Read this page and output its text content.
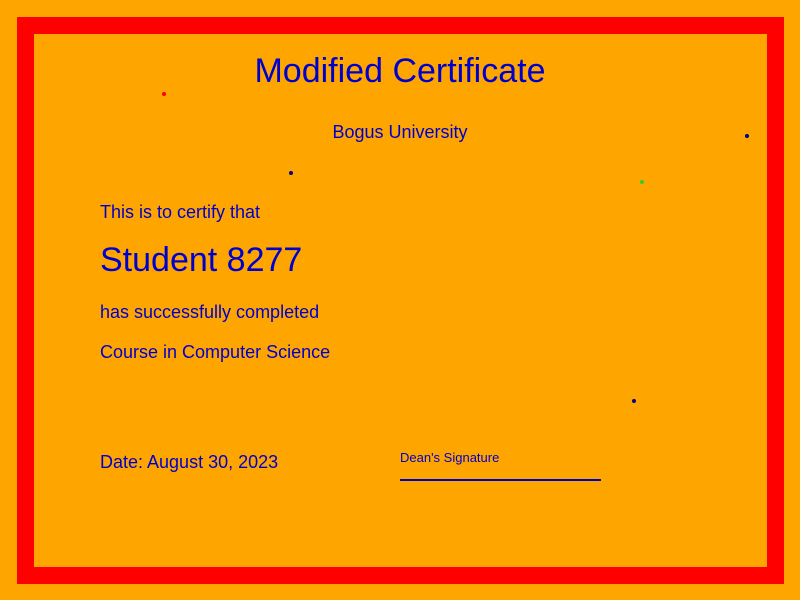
Modified Certificate
Bogus University
This is to certify that
Student 8277
has successfully completed
Course in Computer Science
Date: August 30, 2023	Dean's Signature
